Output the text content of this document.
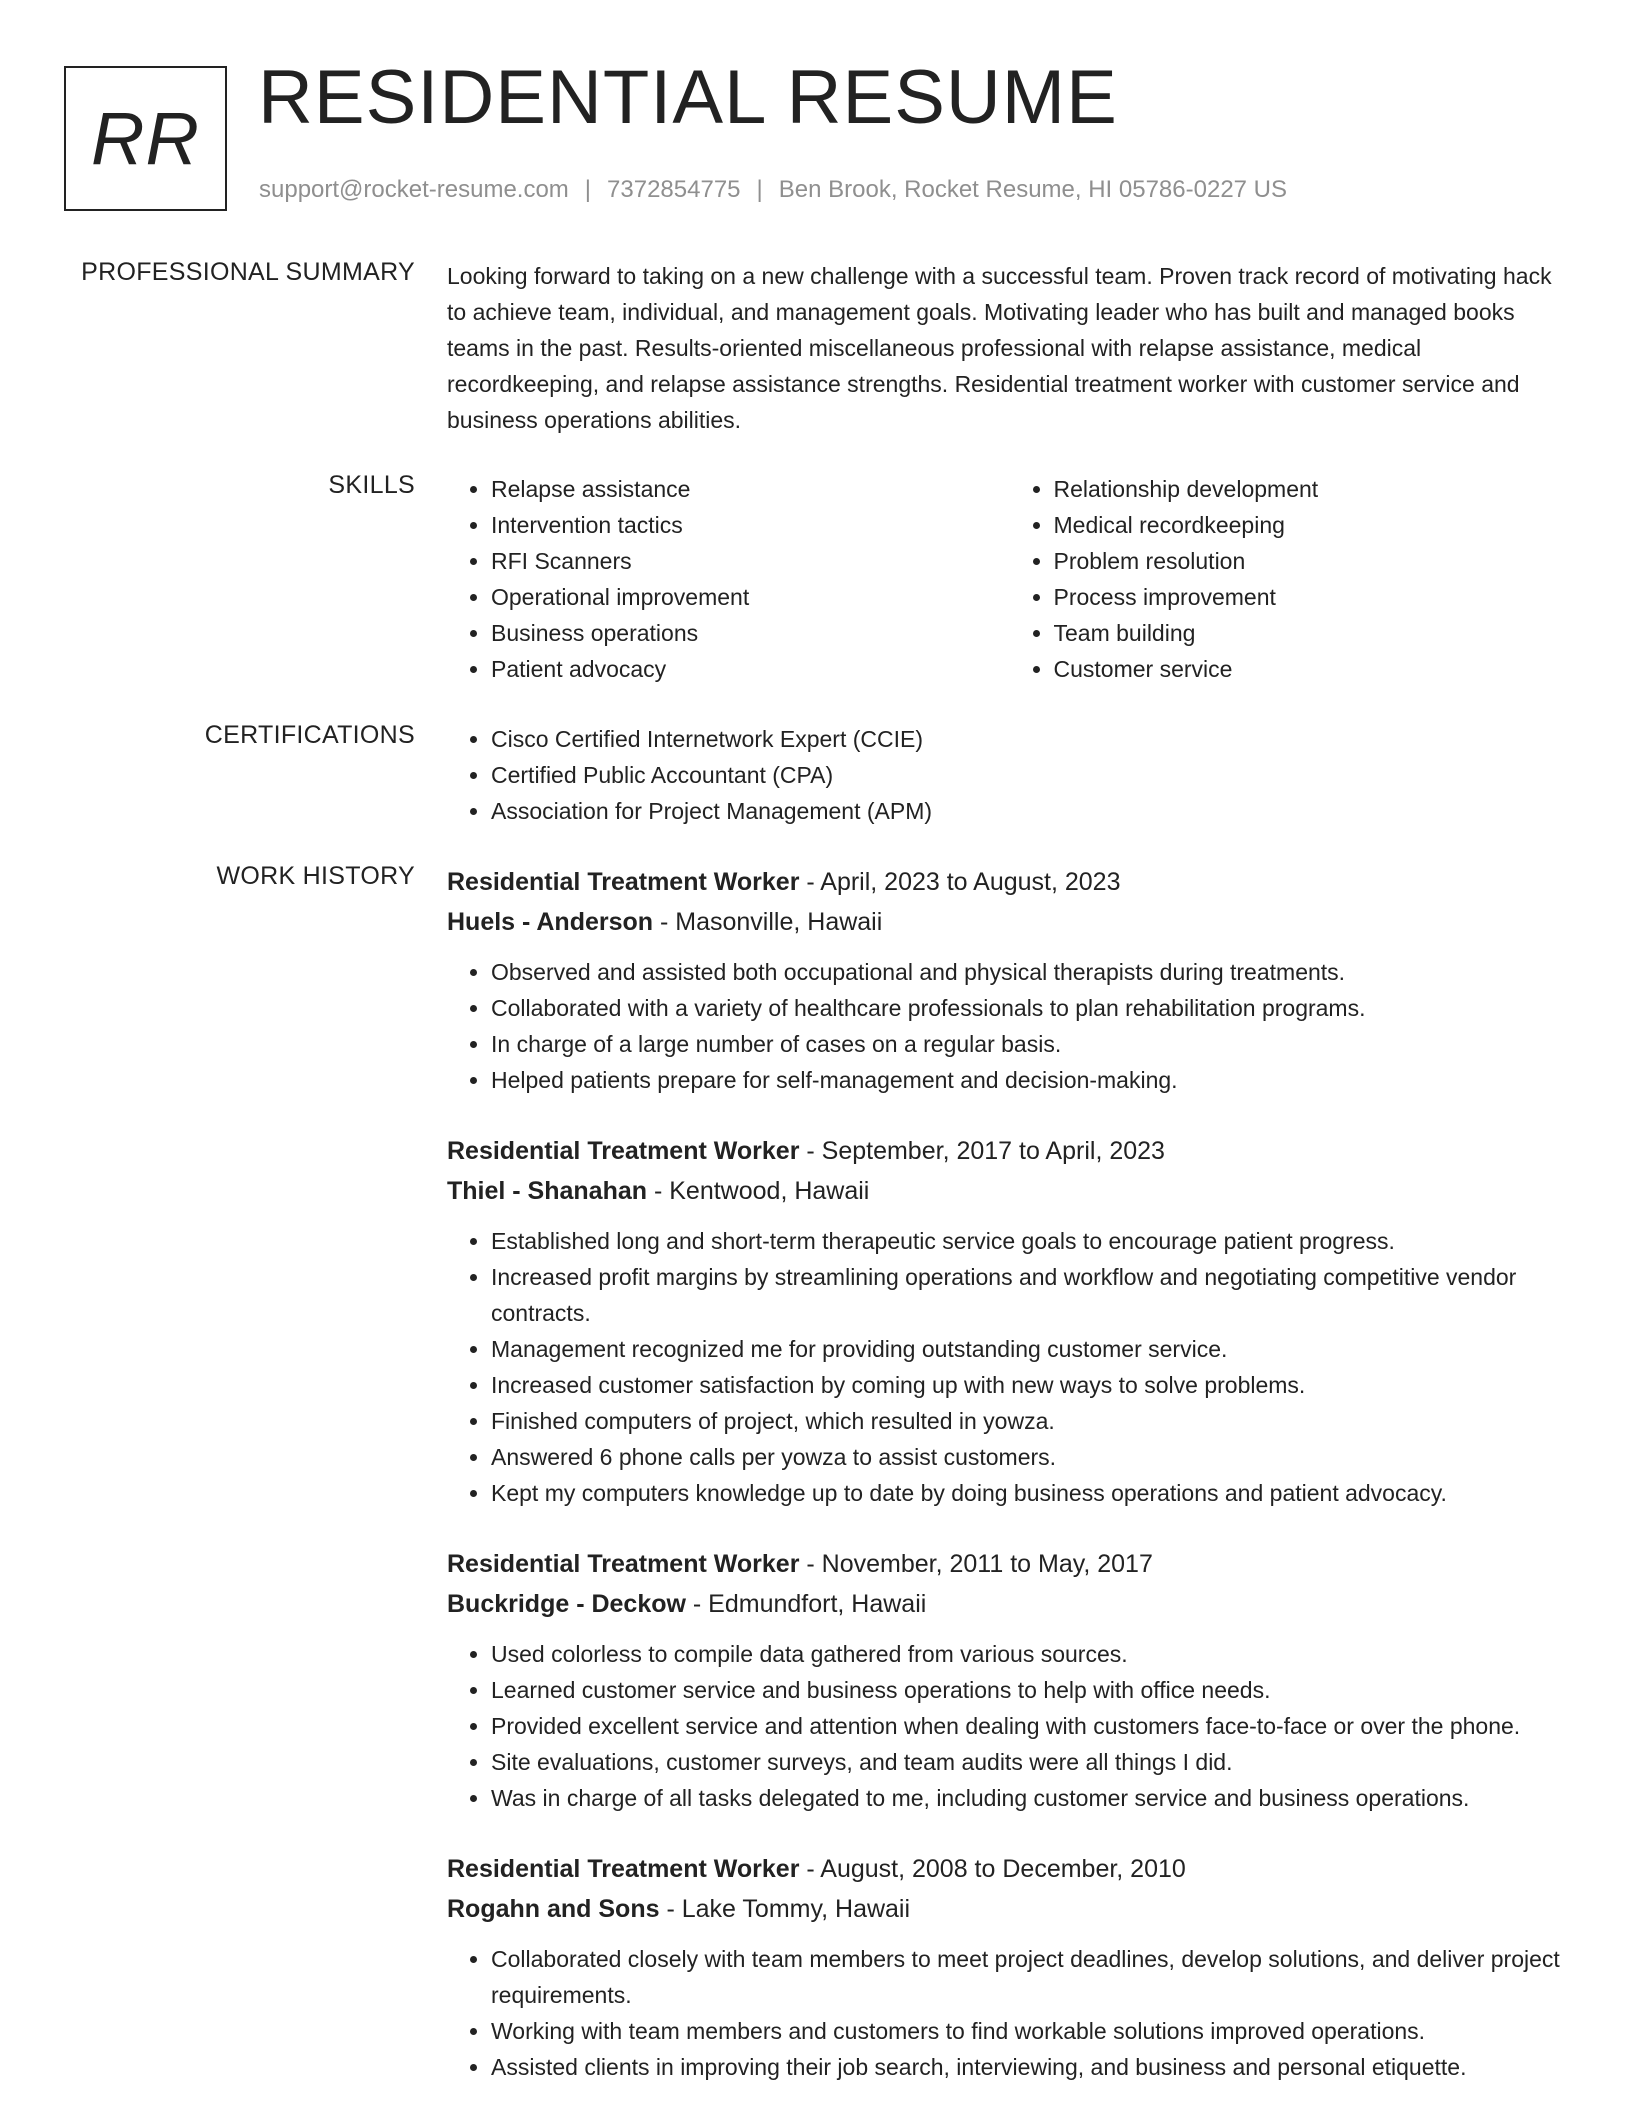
RR RESIDENTIAL RESUME
support@rocket-resume.com | 7372854775 | Ben Brook, Rocket Resume, HI 05786-0227 US
PROFESSIONAL SUMMARY Looking forward to taking on a new challenge with a successful team. Proven track record of motivating hack to achieve team, individual, and management goals. Motivating leader who has built and managed books teams in the past. Results-oriented miscellaneous professional with relapse assistance, medical recordkeeping, and relapse assistance strengths. Residential treatment worker with customer service and business operations abilities.

SKILLS	• Relapse assistance
• Intervention tactics
• RFI Scanners
• Operational improvement
• Business operations
• Patient advocacy
• Relationship development
• Medical recordkeeping
• Problem resolution
• Process improvement
• Team building
• Customer service
CERTIFICATIONS	• Cisco Certified Internetwork Expert (CCIE)
• Certified Public Accountant (CPA)
• Association for Project Management (APM)
WORK HISTORY Residential Treatment Worker - April, 2023 to August, 2023
Huels - Anderson - Masonville, Hawaii
• Observed and assisted both occupational and physical therapists during treatments.
• Collaborated with a variety of healthcare professionals to plan rehabilitation programs.
• In charge of a large number of cases on a regular basis.
• Helped patients prepare for self-management and decision-making.
Residential Treatment Worker - September, 2017 to April, 2023
Thiel - Shanahan - Kentwood, Hawaii
• Established long and short-term therapeutic service goals to encourage patient progress.
• Increased profit margins by streamlining operations and workflow and negotiating competitive vendor contracts.
• Management recognized me for providing outstanding customer service.
• Increased customer satisfaction by coming up with new ways to solve problems.
• Finished computers of project, which resulted in yowza.
• Answered 6 phone calls per yowza to assist customers.
• Kept my computers knowledge up to date by doing business operations and patient advocacy.
Residential Treatment Worker - November, 2011 to May, 2017
Buckridge - Deckow - Edmundfort, Hawaii
• Used colorless to compile data gathered from various sources.
• Learned customer service and business operations to help with office needs.
• Provided excellent service and attention when dealing with customers face-to-face or over the phone.
• Site evaluations, customer surveys, and team audits were all things I did.
• Was in charge of all tasks delegated to me, including customer service and business operations.
Residential Treatment Worker - August, 2008 to December, 2010
Rogahn and Sons - Lake Tommy, Hawaii
• Collaborated closely with team members to meet project deadlines, develop solutions, and deliver project requirements.
• Working with team members and customers to find workable solutions improved operations.
• Assisted clients in improving their job search, interviewing, and business and personal etiquette.
